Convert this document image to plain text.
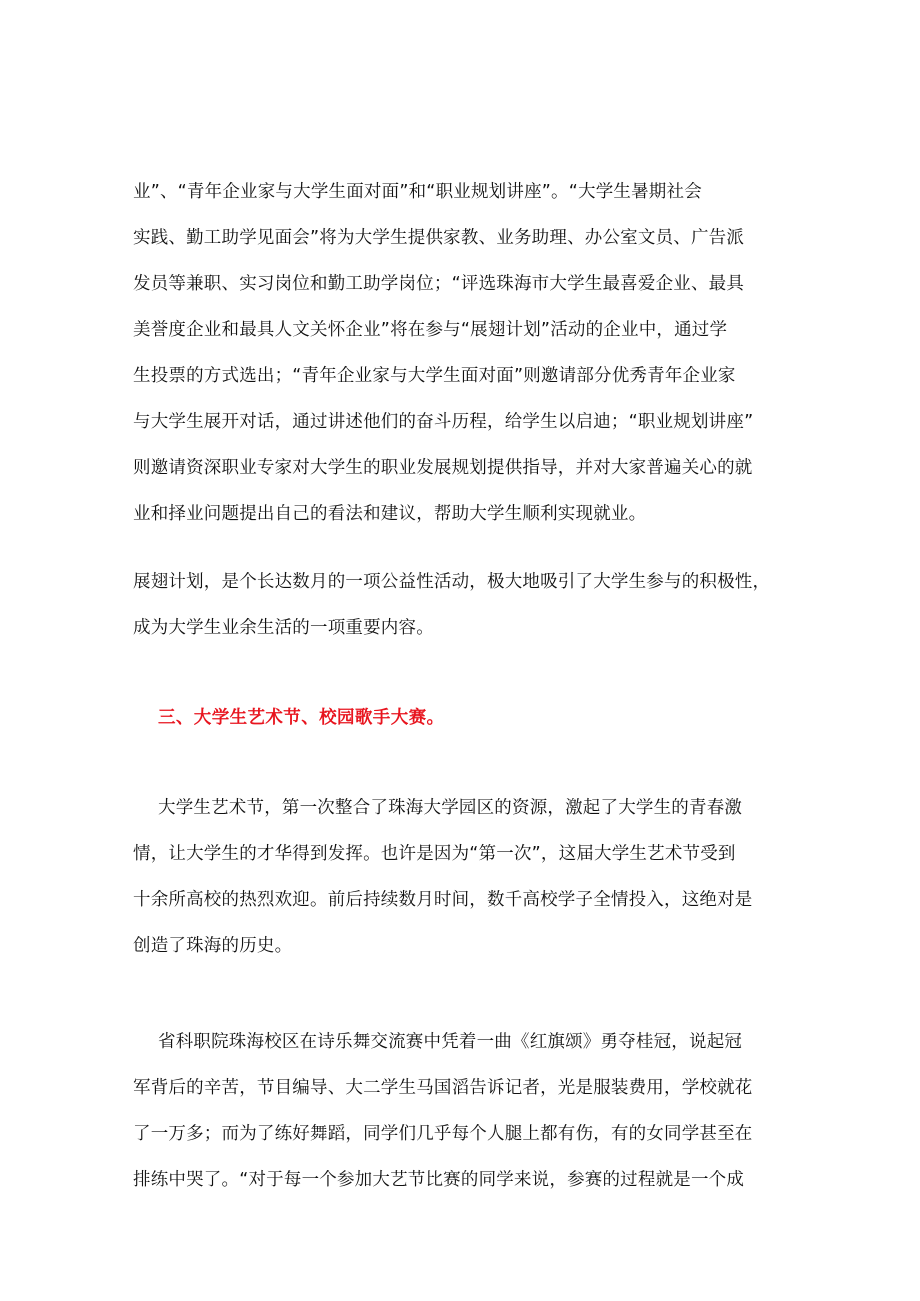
业”、“青年企业家与大学生面对面”和“职业规划讲座”。“大学生暑期社会
实践、勤工助学见面会”将为大学生提供家教、业务助理、办公室文员、广告派
发员等兼职、实习岗位和勤工助学岗位；“评选珠海市大学生最喜爱企业、最具
美誉度企业和最具人文关怀企业”将在参与“展翅计划”活动的企业中，通过学
生投票的方式选出；“青年企业家与大学生面对面”则邀请部分优秀青年企业家
与大学生展开对话，通过讲述他们的奋斗历程，给学生以启迪；“职业规划讲座”
则邀请资深职业专家对大学生的职业发展规划提供指导，并对大家普遍关心的就
业和择业问题提出自己的看法和建议，帮助大学生顺利实现就业。
展翅计划，是个长达数月的一项公益性活动，极大地吸引了大学生参与的积极性，
成为大学生业余生活的一项重要内容。
三、大学生艺术节、校园歌手大赛。
大学生艺术节，第一次整合了珠海大学园区的资源，激起了大学生的青春激
情，让大学生的才华得到发挥。也许是因为“第一次”，这届大学生艺术节受到
十余所高校的热烈欢迎。前后持续数月时间，数千高校学子全情投入，这绝对是
创造了珠海的历史。
省科职院珠海校区在诗乐舞交流赛中凭着一曲《红旗颂》勇夺桂冠，说起冠
军背后的辛苦，节目编导、大二学生马国滔告诉记者，光是服装费用，学校就花
了一万多；而为了练好舞蹈，同学们几乎每个人腿上都有伤，有的女同学甚至在
排练中哭了。“对于每一个参加大艺节比赛的同学来说，参赛的过程就是一个成
